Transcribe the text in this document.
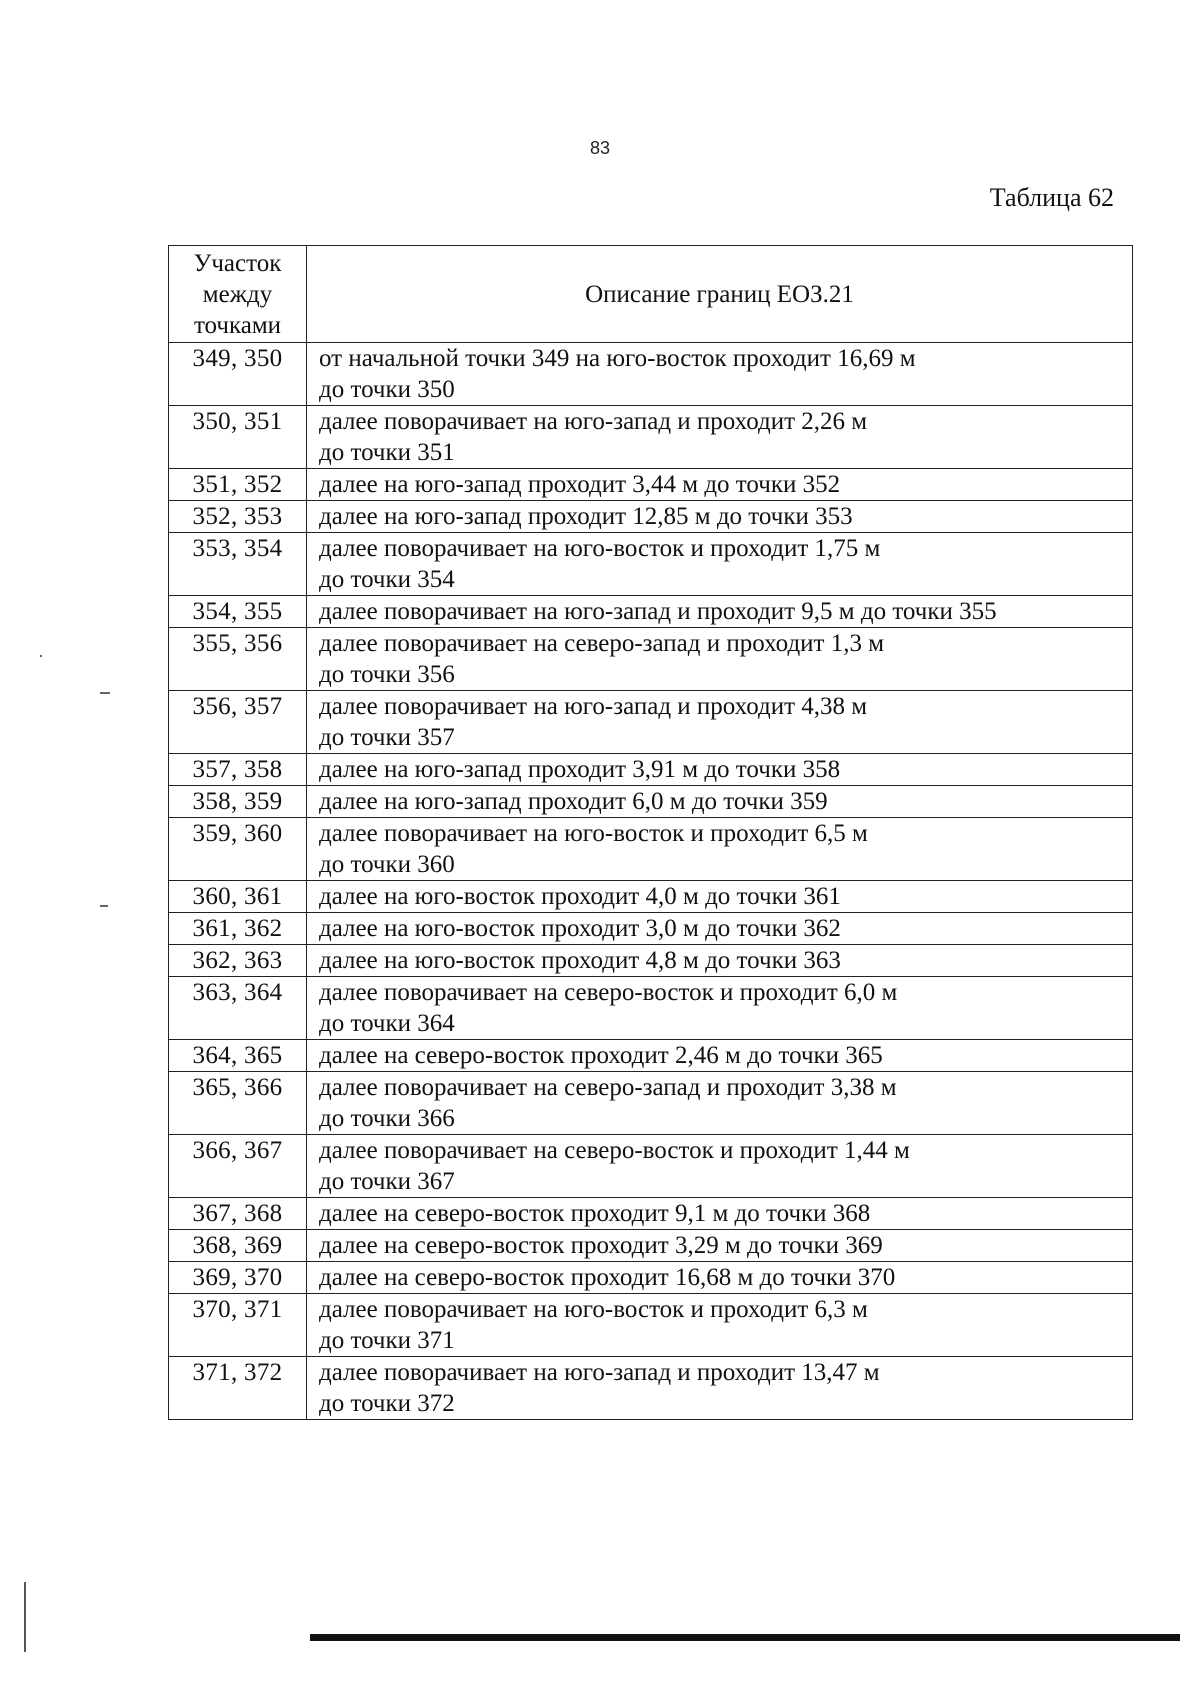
83
Таблица 62
Участок
между
точками	Описание границ ЕОЗ.21
349, 350	от начальной точки 349 на юго-восток проходит 16,69 м
до точки 350
350, 351	далее поворачивает на юго-запад и проходит 2,26 м
до точки 351
351, 352	далее на юго-запад проходит 3,44 м до точки 352
352, 353	далее на юго-запад проходит 12,85 м до точки 353
353, 354	далее поворачивает на юго-восток и проходит 1,75 м
до точки 354
354, 355	далее поворачивает на юго-запад и проходит 9,5 м до точки 355
355, 356	далее поворачивает на северо-запад и проходит 1,3 м
до точки 356
356, 357	далее поворачивает на юго-запад и проходит 4,38 м
до точки 357
357, 358	далее на юго-запад проходит 3,91 м до точки 358
358, 359	далее на юго-запад проходит 6,0 м до точки 359
359, 360	далее поворачивает на юго-восток и проходит 6,5 м
до точки 360
360, 361	далее на юго-восток проходит 4,0 м до точки 361
361, 362	далее на юго-восток проходит 3,0 м до точки 362
362, 363	далее на юго-восток проходит 4,8 м до точки 363
363, 364	далее поворачивает на северо-восток и проходит 6,0 м
до точки 364
364, 365	далее на северо-восток проходит 2,46 м до точки 365
365, 366	далее поворачивает на северо-запад и проходит 3,38 м
до точки 366
366, 367	далее поворачивает на северо-восток и проходит 1,44 м
до точки 367
367, 368	далее на северо-восток проходит 9,1 м до точки 368
368, 369	далее на северо-восток проходит 3,29 м до точки 369
369, 370	далее на северо-восток проходит 16,68 м до точки 370
370, 371	далее поворачивает на юго-восток и проходит 6,3 м
до точки 371
371, 372	далее поворачивает на юго-запад и проходит 13,47 м
до точки 372
